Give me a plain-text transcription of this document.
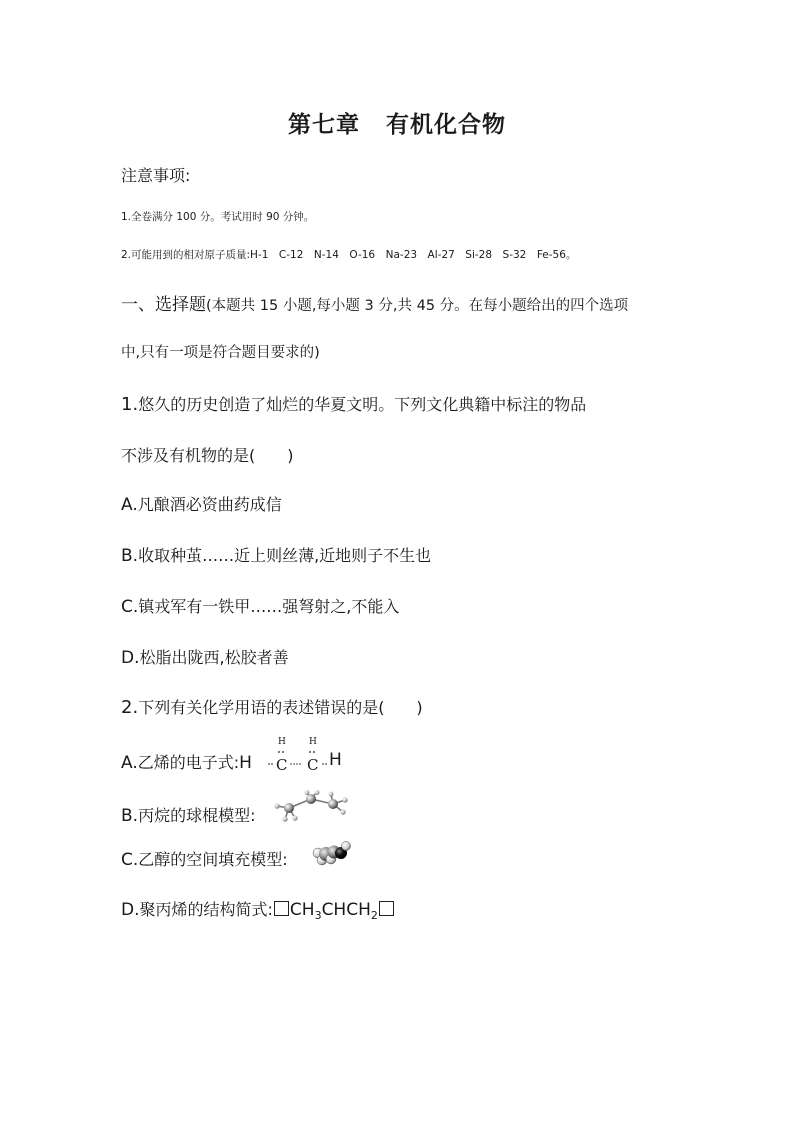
第七章 有机化合物
注意事项:
1.全卷满分 100 分。考试用时 90 分钟。
2.可能用到的相对原子质量:H-1　C-12　N-14　O-16　Na-23　Al-27　Si-28　S-32　Fe-56。
一、选择题(本题共 15 小题,每小题 3 分,共 45 分。在每小题给出的四个选项
中,只有一项是符合题目要求的)
1.悠久的历史创造了灿烂的华夏文明。下列文化典籍中标注的物品
不涉及有机物的是(　　)
A.凡酿酒必资曲药成信
B.收取种茧……近上则丝薄,近地则子不生也
C.镇戎军有一铁甲……强弩射之,不能入
D.松脂出陇西,松胶者善
2.下列有关化学用语的表述错误的是(　　)
A.乙烯的电子式:H
H	H
C C H
B.丙烷的球棍模型:
C.乙醇的空间填充模型:
D.聚丙烯的结构简式: $CH_3CHCH_2$
